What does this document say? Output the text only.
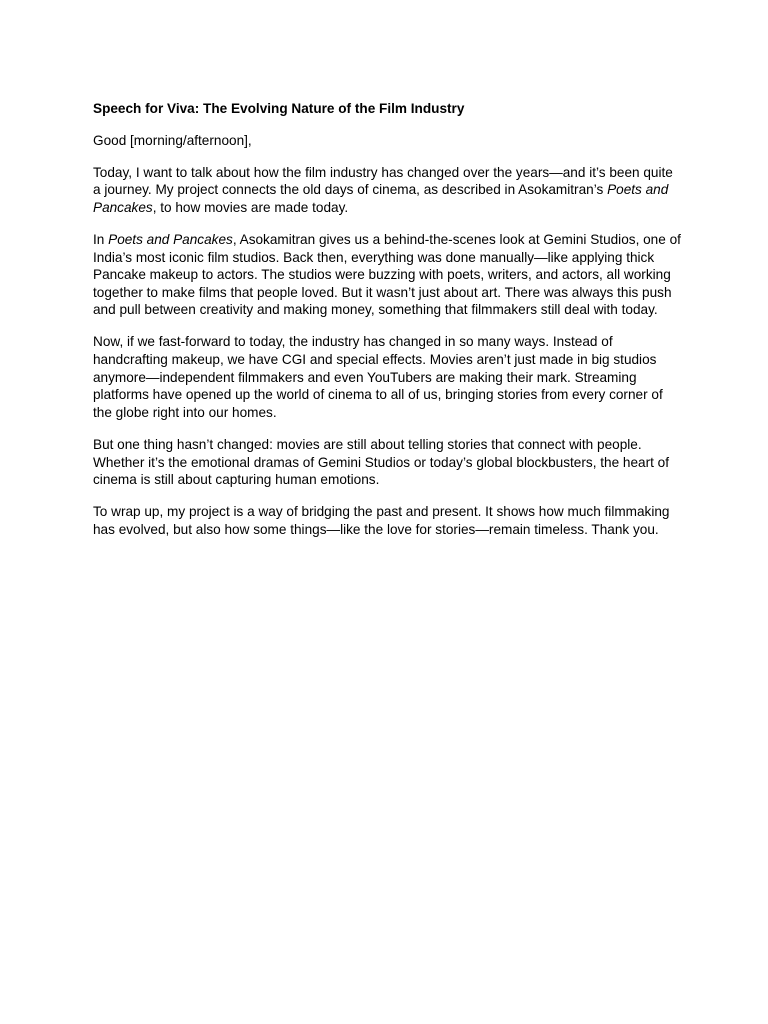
Speech for Viva: The Evolving Nature of the Film Industry
Good [morning/afternoon],
Today, I want to talk about how the film industry has changed over the years—and it’s been quite a journey. My project connects the old days of cinema, as described in Asokamitran’s Poets and Pancakes, to how movies are made today.
In Poets and Pancakes, Asokamitran gives us a behind-the-scenes look at Gemini Studios, one of India’s most iconic film studios. Back then, everything was done manually—like applying thick Pancake makeup to actors. The studios were buzzing with poets, writers, and actors, all working together to make films that people loved. But it wasn’t just about art. There was always this push and pull between creativity and making money, something that filmmakers still deal with today.
Now, if we fast-forward to today, the industry has changed in so many ways. Instead of handcrafting makeup, we have CGI and special effects. Movies aren’t just made in big studios anymore—independent filmmakers and even YouTubers are making their mark. Streaming platforms have opened up the world of cinema to all of us, bringing stories from every corner of the globe right into our homes.
But one thing hasn’t changed: movies are still about telling stories that connect with people. Whether it’s the emotional dramas of Gemini Studios or today’s global blockbusters, the heart of cinema is still about capturing human emotions.
To wrap up, my project is a way of bridging the past and present. It shows how much filmmaking has evolved, but also how some things—like the love for stories—remain timeless. Thank you.
